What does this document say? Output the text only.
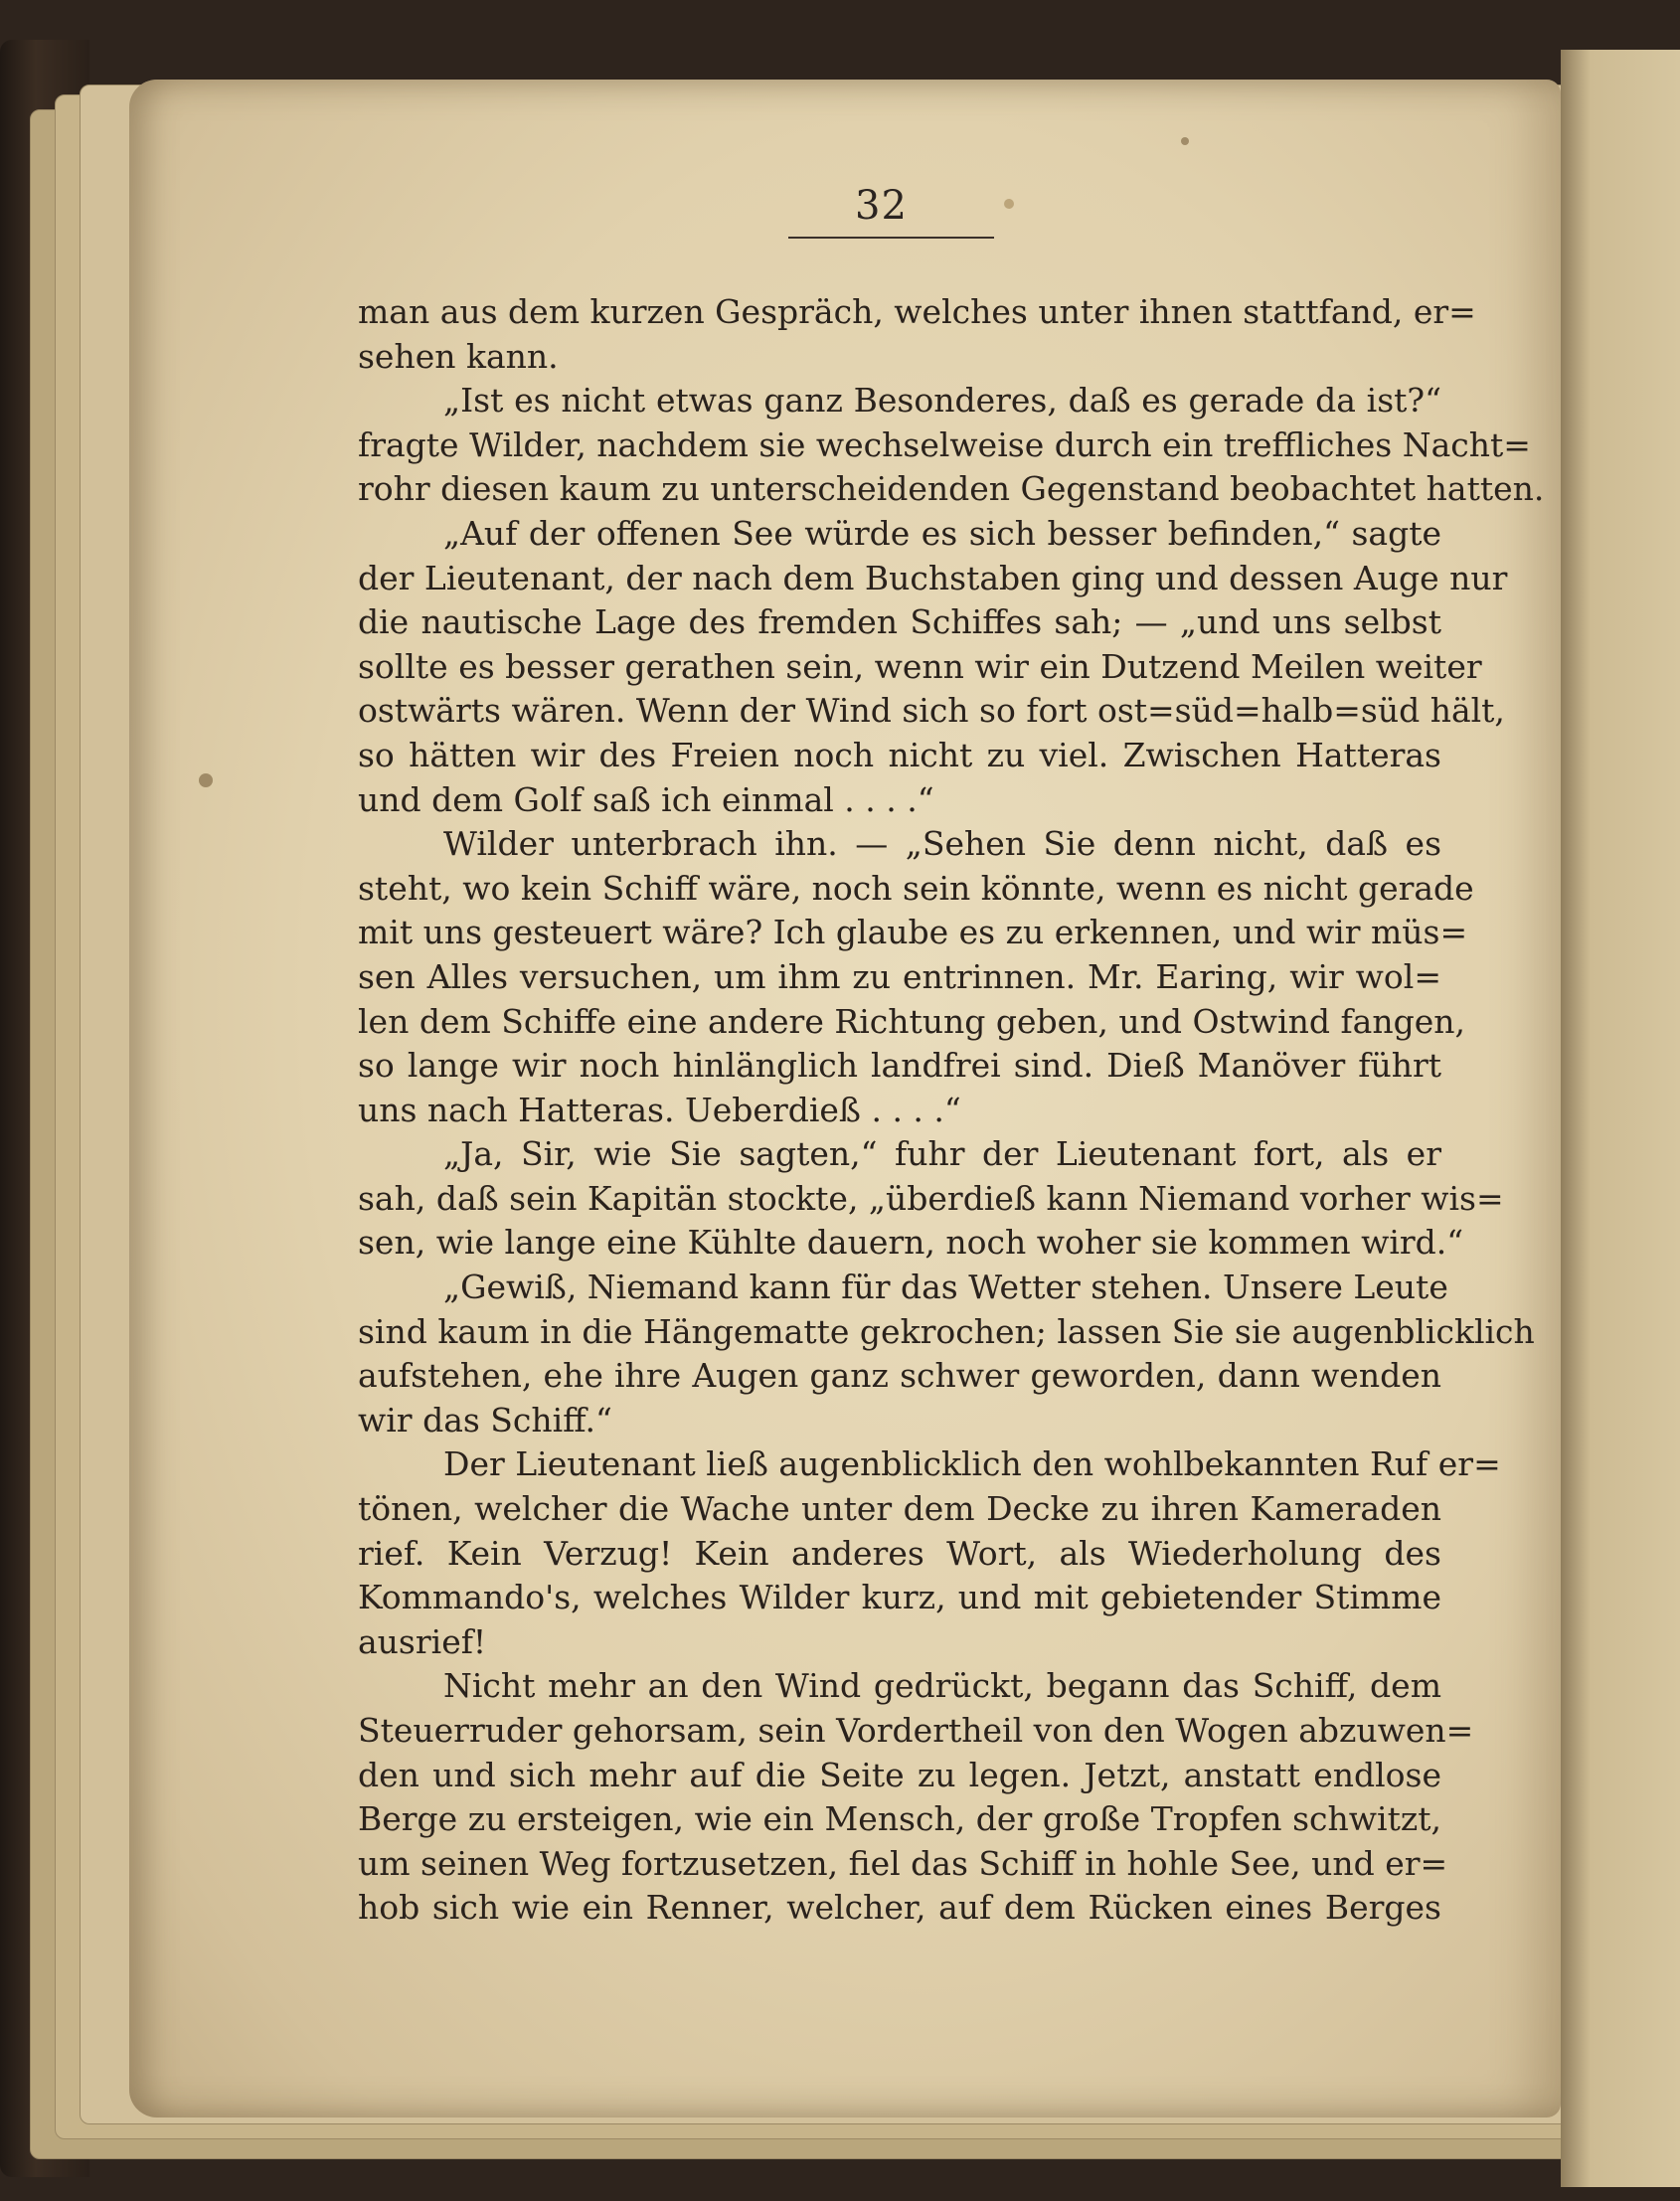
32
man aus dem kurzen Gespräch, welches unter ihnen stattfand, er=
sehen kann.
„Ist es nicht etwas ganz Besonderes, daß es gerade da ist?“
fragte Wilder, nachdem sie wechselweise durch ein treffliches Nacht=
rohr diesen kaum zu unterscheidenden Gegenstand beobachtet hatten.
„Auf der offenen See würde es sich besser befinden,“ sagte
der Lieutenant, der nach dem Buchstaben ging und dessen Auge nur
die nautische Lage des fremden Schiffes sah; — „und uns selbst
sollte es besser gerathen sein, wenn wir ein Dutzend Meilen weiter
ostwärts wären. Wenn der Wind sich so fort ost=süd=halb=süd hält,
so hätten wir des Freien noch nicht zu viel. Zwischen Hatteras
und dem Golf saß ich einmal . . . .“
Wilder unterbrach ihn. — „Sehen Sie denn nicht, daß es
steht, wo kein Schiff wäre, noch sein könnte, wenn es nicht gerade
mit uns gesteuert wäre? Ich glaube es zu erkennen, und wir müs=
sen Alles versuchen, um ihm zu entrinnen. Mr. Earing, wir wol=
len dem Schiffe eine andere Richtung geben, und Ostwind fangen,
so lange wir noch hinlänglich landfrei sind. Dieß Manöver führt
uns nach Hatteras. Ueberdieß . . . .“
„Ja, Sir, wie Sie sagten,“ fuhr der Lieutenant fort, als er
sah, daß sein Kapitän stockte, „überdieß kann Niemand vorher wis=
sen, wie lange eine Kühlte dauern, noch woher sie kommen wird.“
„Gewiß, Niemand kann für das Wetter stehen. Unsere Leute
sind kaum in die Hängematte gekrochen; lassen Sie sie augenblicklich
aufstehen, ehe ihre Augen ganz schwer geworden, dann wenden
wir das Schiff.“
Der Lieutenant ließ augenblicklich den wohlbekannten Ruf er=
tönen, welcher die Wache unter dem Decke zu ihren Kameraden
rief. Kein Verzug! Kein anderes Wort, als Wiederholung des
Kommando's, welches Wilder kurz, und mit gebietender Stimme
ausrief!
Nicht mehr an den Wind gedrückt, begann das Schiff, dem
Steuerruder gehorsam, sein Vordertheil von den Wogen abzuwen=
den und sich mehr auf die Seite zu legen. Jetzt, anstatt endlose
Berge zu ersteigen, wie ein Mensch, der große Tropfen schwitzt,
um seinen Weg fortzusetzen, fiel das Schiff in hohle See, und er=
hob sich wie ein Renner, welcher, auf dem Rücken eines Berges
